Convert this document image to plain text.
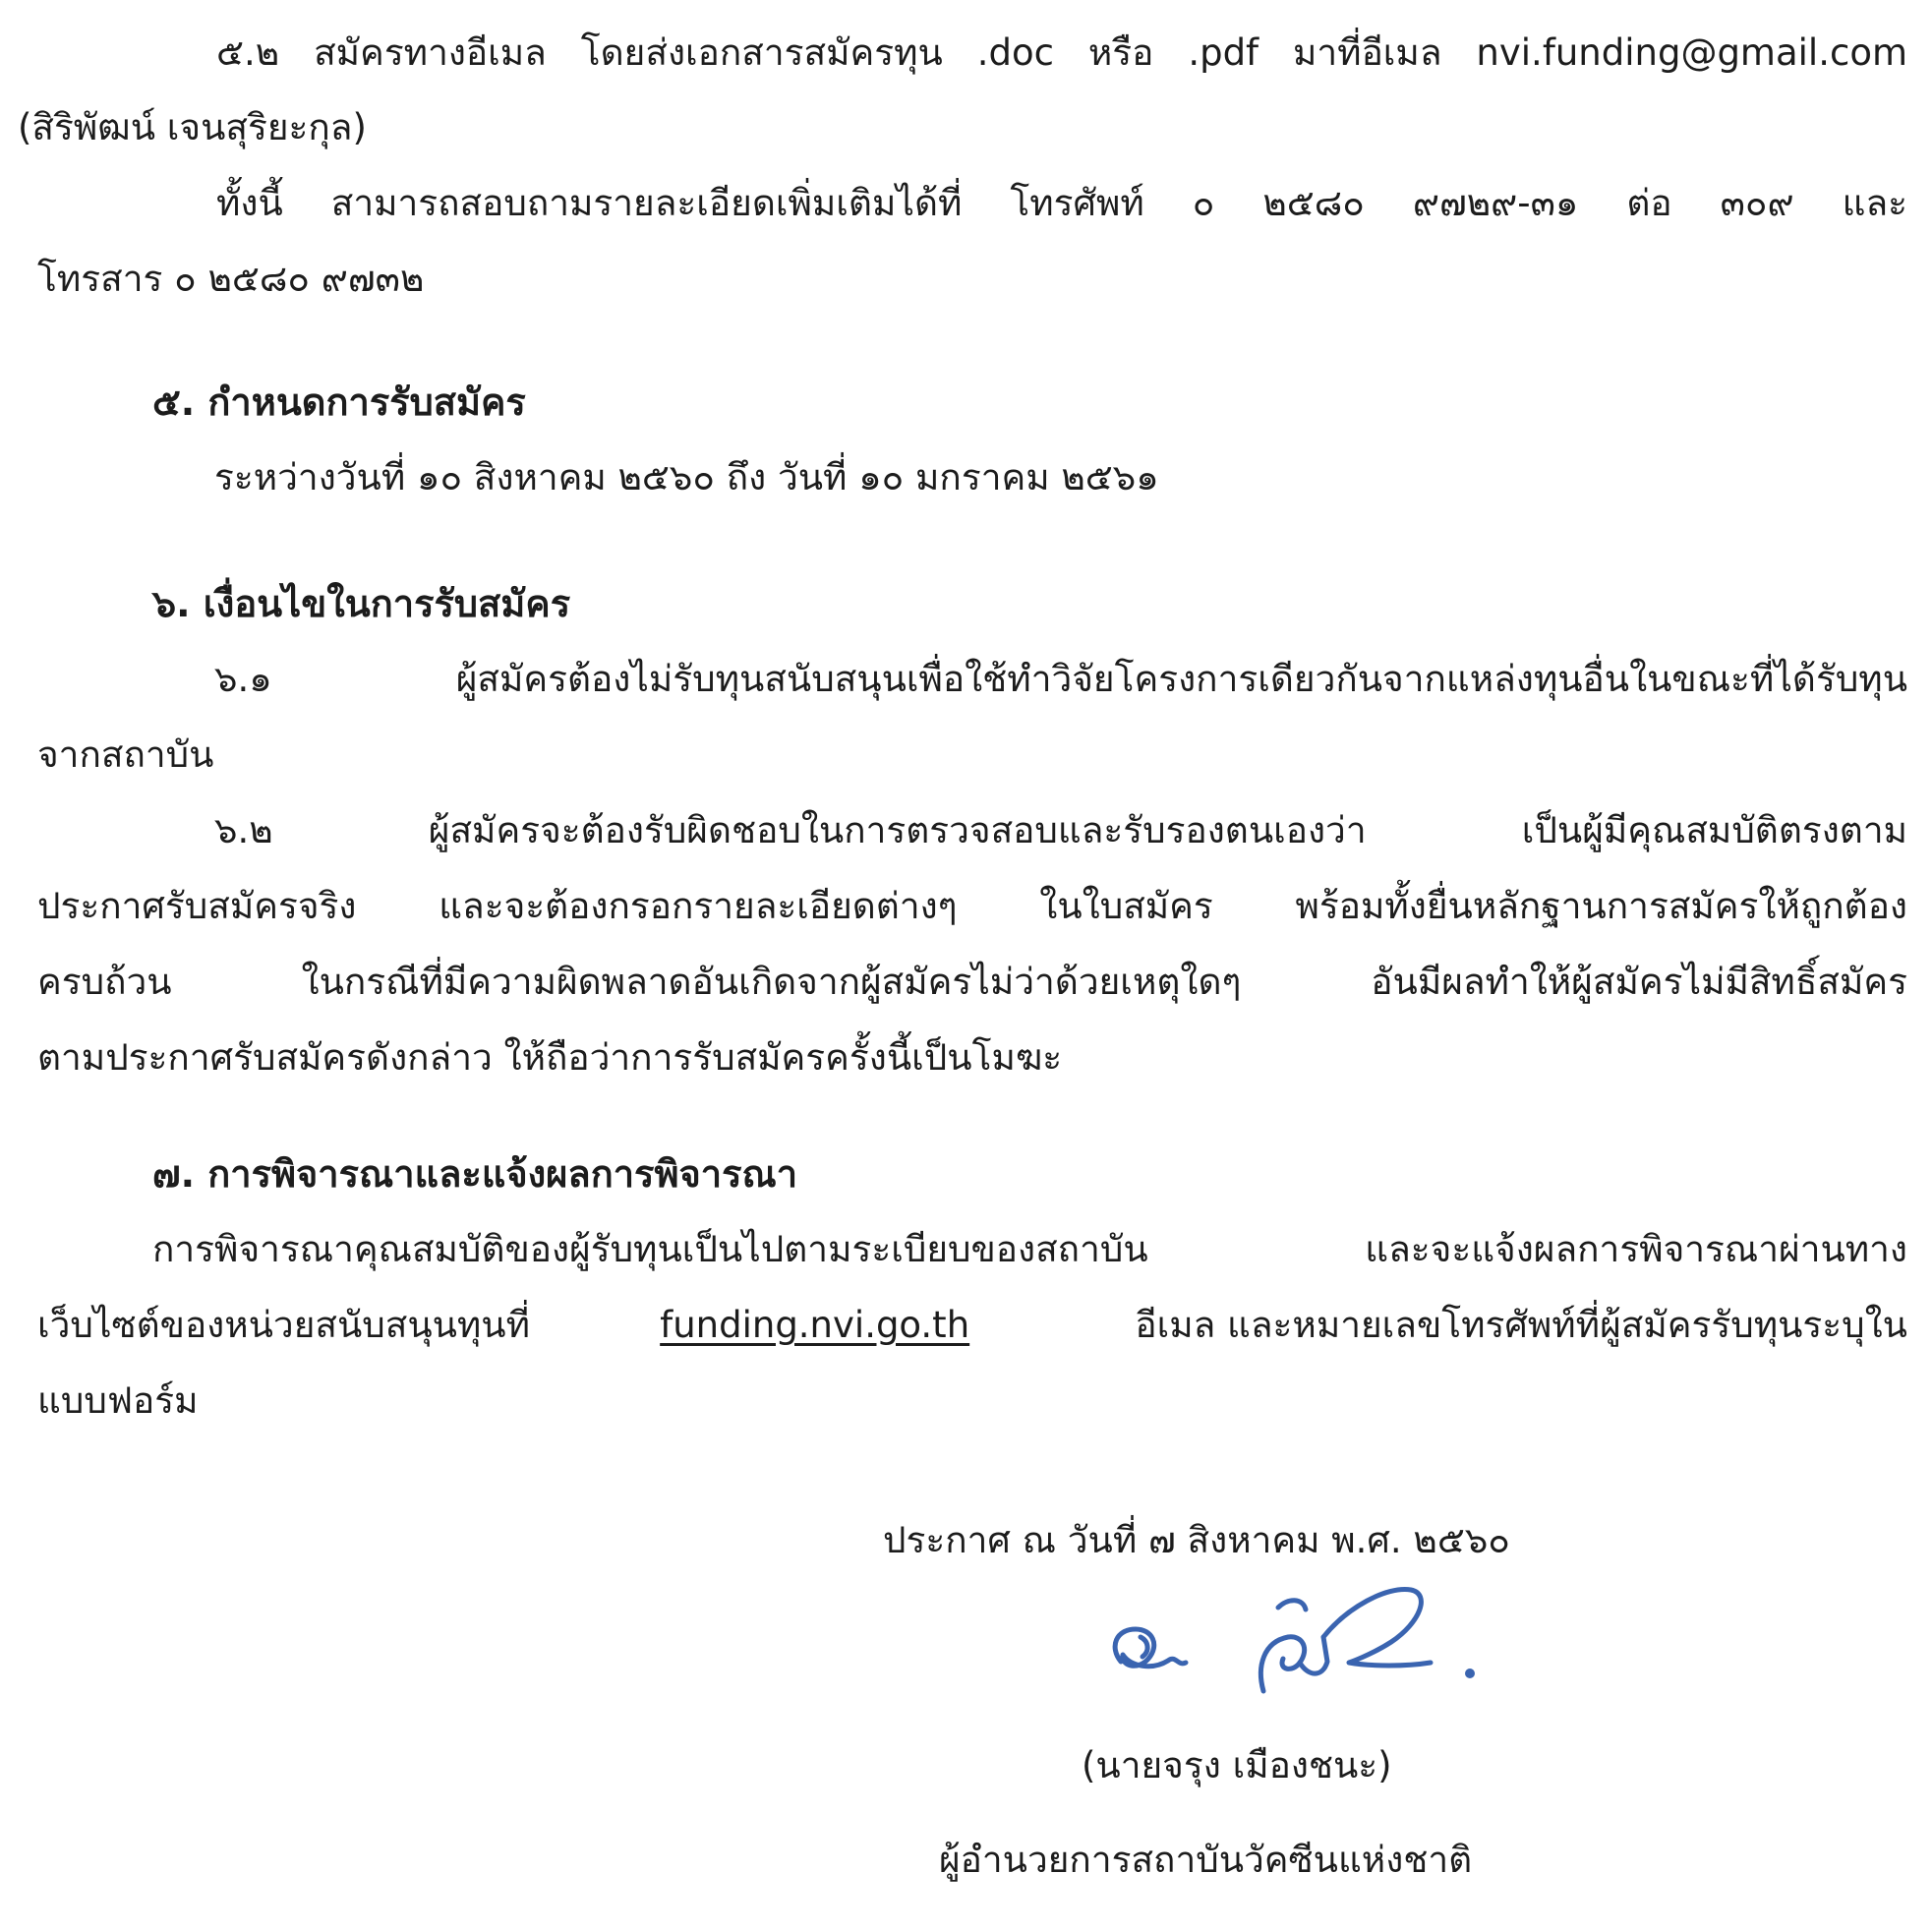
๕.๒ สมัครทางอีเมล โดยส่งเอกสารสมัครทุน .doc หรือ .pdf มาที่อีเมล nvi.funding@gmail.com

(สิริพัฒน์ เจนสุริยะกุล)

ทั้งนี้ สามารถสอบถามรายละเอียดเพิ่มเติมได้ที่ โทรศัพท์ ๐ ๒๕๘๐ ๙๗๒๙-๓๑ ต่อ ๓๐๙ และ

โทรสาร ๐ ๒๕๘๐ ๙๗๓๒

๕. กำหนดการรับสมัคร

ระหว่างวันที่ ๑๐ สิงหาคม ๒๕๖๐ ถึง วันที่ ๑๐ มกราคม ๒๕๖๑

๖. เงื่อนไขในการรับสมัคร

๖.๑ ผู้สมัครต้องไม่รับทุนสนับสนุนเพื่อใช้ทำวิจัยโครงการเดียวกันจากแหล่งทุนอื่นในขณะที่ได้รับทุน

จากสถาบัน

๖.๒ ผู้สมัครจะต้องรับผิดชอบในการตรวจสอบและรับรองตนเองว่า เป็นผู้มีคุณสมบัติตรงตาม

ประกาศรับสมัครจริง และจะต้องกรอกรายละเอียดต่างๆ ในใบสมัคร พร้อมทั้งยื่นหลักฐานการสมัครให้ถูกต้อง

ครบถ้วน ในกรณีที่มีความผิดพลาดอันเกิดจากผู้สมัครไม่ว่าด้วยเหตุใดๆ อันมีผลทำให้ผู้สมัครไม่มีสิทธิ์สมัคร

ตามประกาศรับสมัครดังกล่าว ให้ถือว่าการรับสมัครครั้งนี้เป็นโมฆะ

๗. การพิจารณาและแจ้งผลการพิจารณา

การพิจารณาคุณสมบัติของผู้รับทุนเป็นไปตามระเบียบของสถาบัน และจะแจ้งผลการพิจารณาผ่านทาง

เว็บไซต์ของหน่วยสนับสนุนทุนที่	funding.nvi.go.th	อีเมล และหมายเลขโทรศัพท์ที่ผู้สมัครรับทุนระบุใน

แบบฟอร์ม

ประกาศ ณ วันที่ ๗ สิงหาคม พ.ศ. ๒๕๖๐

(นายจรุง เมืองชนะ)

ผู้อำนวยการสถาบันวัคซีนแห่งชาติ
